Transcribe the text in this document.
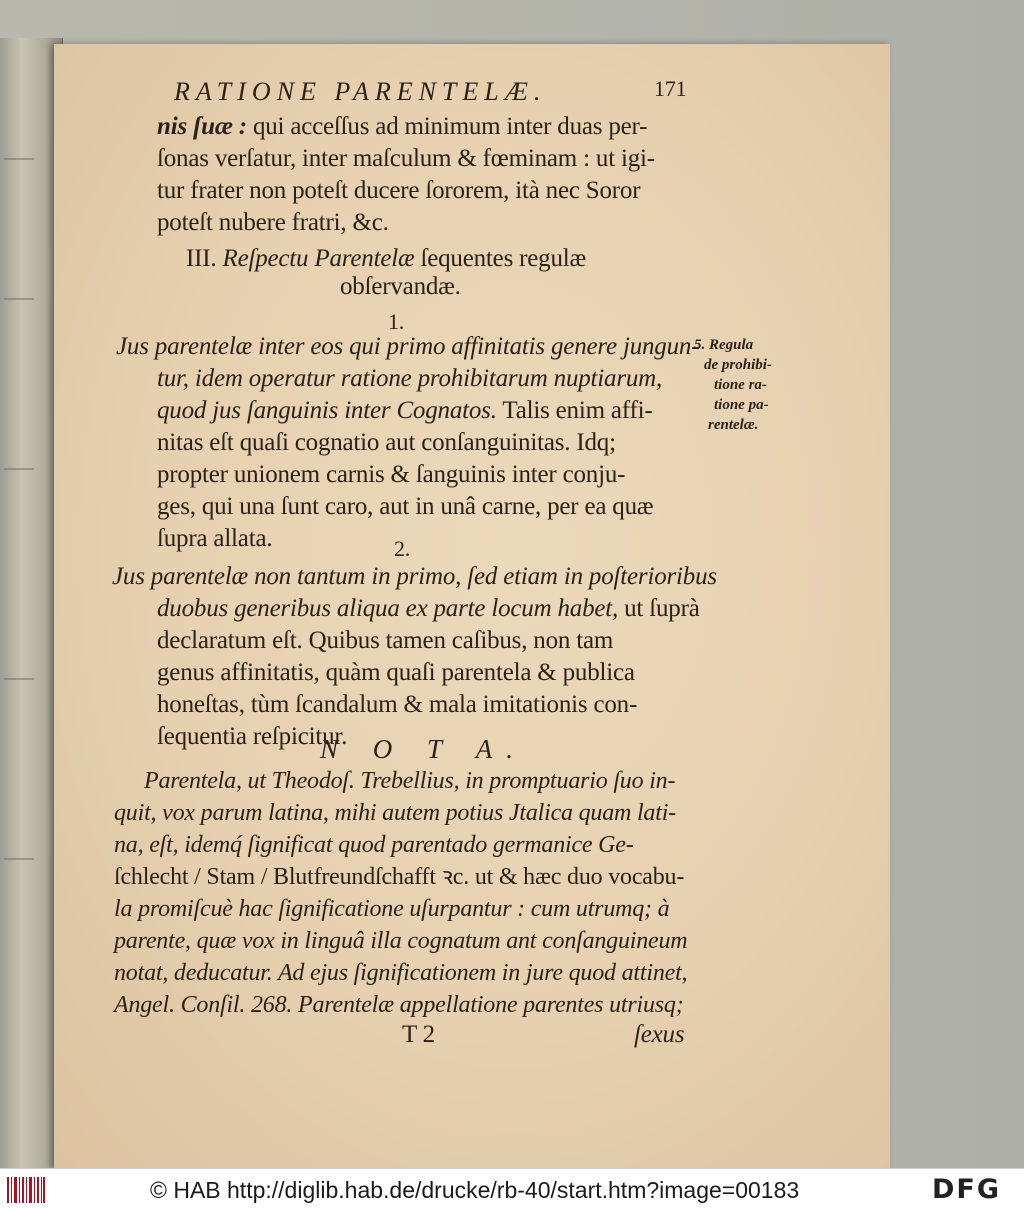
RATIONE PARENTELÆ.	171
nis ſuæ : qui acceſſus ad minimum inter duas per-
ſonas verſatur, inter maſculum & fœminam : ut igi-
tur frater non poteſt ducere ſororem, ità nec Soror
poteſt nubere fratri, &c.
III. Reſpectu Parentelæ ſequentes regulæ
obſervandæ.
1.
Jus parentelæ inter eos qui primo affinitatis genere jungun-
tur, idem operatur ratione prohibitarum nuptiarum,
quod jus ſanguinis inter Cognatos. Talis enim affi-
nitas eſt quaſi cognatio aut conſanguinitas. Idq;
propter unionem carnis & ſanguinis inter conju-
ges, qui una ſunt caro, aut in unâ carne, per ea quæ
ſupra allata.
5. Regula
de prohibi-
tione ra-
tione pa-
rentelæ.
2.
Jus parentelæ non tantum in primo, ſed etiam in poſterioribus
duobus generibus aliqua ex parte locum habet, ut ſuprà
declaratum eſt. Quibus tamen caſibus, non tam
genus affinitatis, quàm quaſi parentela & publica
honeſtas, tùm ſcandalum & mala imitationis con-
ſequentia reſpicitur.
N O T A.
Parentela, ut Theodoſ. Trebellius, in promptuario ſuo in-
quit, vox parum latina, mihi autem potius Jtalica quam lati-
na, eſt, idemq́ ſignificat quod parentado germanice Ge-
ſchlecht / Stam / Blutfreundſchafft ꝛc. ut & hæc duo vocabu-
la promiſcuè hac ſignificatione uſurpantur : cum utrumq; à
parente, quæ vox in linguâ illa cognatum ant conſanguineum
notat, deducatur. Ad ejus ſignificationem in jure quod attinet,
Angel. Conſil. 268. Parentelæ appellatione parentes utriusq;
T 2	ſexus
© HAB http://diglib.hab.de/drucke/rb-40/start.htm?image=00183	DFG
